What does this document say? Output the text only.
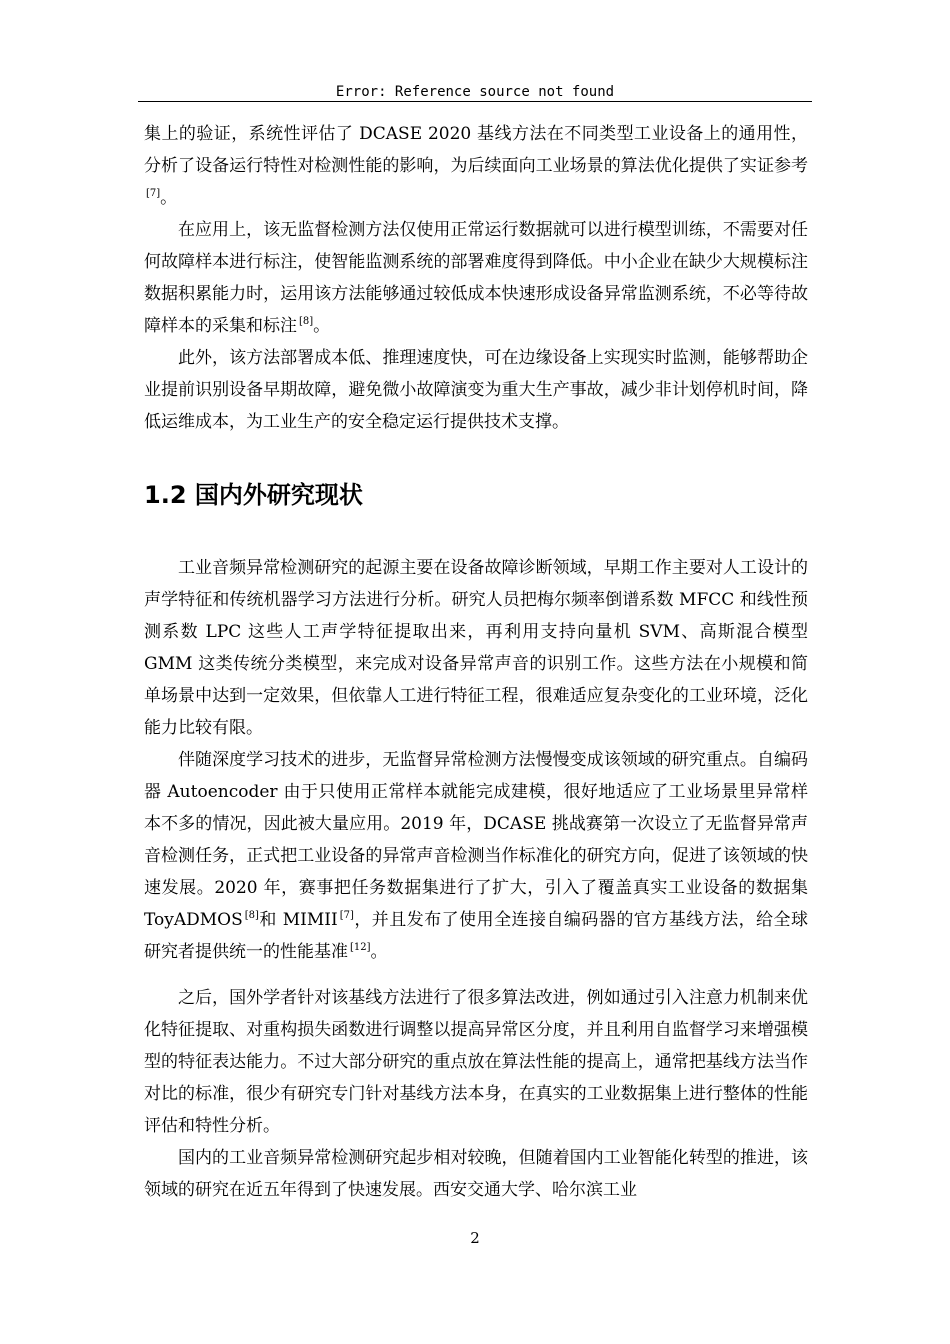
Error: Reference source not found

集上的验证，系统性评估了 DCASE 2020 基线方法在不同类型工业设备上的通用性，分析了设备运行特性对检测性能的影响，为后续面向工业场景的算法优化提供了实证参考[7]。

在应用上，该无监督检测方法仅使用正常运行数据就可以进行模型训练，不需要对任何故障样本进行标注，使智能监测系统的部署难度得到降低。中小企业在缺少大规模标注数据积累能力时，运用该方法能够通过较低成本快速形成设备异常监测系统，不必等待故障样本的采集和标注 [8]。

此外，该方法部署成本低、推理速度快，可在边缘设备上实现实时监测，能够帮助企业提前识别设备早期故障，避免微小故障演变为重大生产事故，减少非计划停机时间，降低运维成本，为工业生产的安全稳定运行提供技术支撑。

1.2 国内外研究现状

工业音频异常检测研究的起源主要在设备故障诊断领域，早期工作主要对人工设计的声学特征和传统机器学习方法进行分析。研究人员把梅尔频率倒谱系数 MFCC 和线性预测系数 LPC 这些人工声学特征提取出来，再利用支持向量机 SVM、高斯混合模型 GMM 这类传统分类模型，来完成对设备异常声音的识别工作。这些方法在小规模和简单场景中达到一定效果，但依靠人工进行特征工程，很难适应复杂变化的工业环境，泛化能力比较有限。

伴随深度学习技术的进步，无监督异常检测方法慢慢变成该领域的研究重点。自编码器 Autoencoder 由于只使用正常样本就能完成建模，很好地适应了工业场景里异常样本不多的情况，因此被大量应用。2019 年，DCASE 挑战赛第一次设立了无监督异常声音检测任务，正式把工业设备的异常声音检测当作标准化的研究方向，促进了该领域的快速发展。2020 年，赛事把任务数据集进行了扩大，引入了覆盖真实工业设备的数据集 ToyADMOS [8]和 MIMII [7]，并且发布了使用全连接自编码器的官方基线方法，给全球研究者提供统一的性能基准 [12]。

之后，国外学者针对该基线方法进行了很多算法改进，例如通过引入注意力机制来优化特征提取、对重构损失函数进行调整以提高异常区分度，并且利用自监督学习来增强模型的特征表达能力。不过大部分研究的重点放在算法性能的提高上，通常把基线方法当作对比的标准，很少有研究专门针对基线方法本身，在真实的工业数据集上进行整体的性能评估和特性分析。

国内的工业音频异常检测研究起步相对较晚，但随着国内工业智能化转型的推进，该领域的研究在近五年得到了快速发展。西安交通大学、哈尔滨工业

2
